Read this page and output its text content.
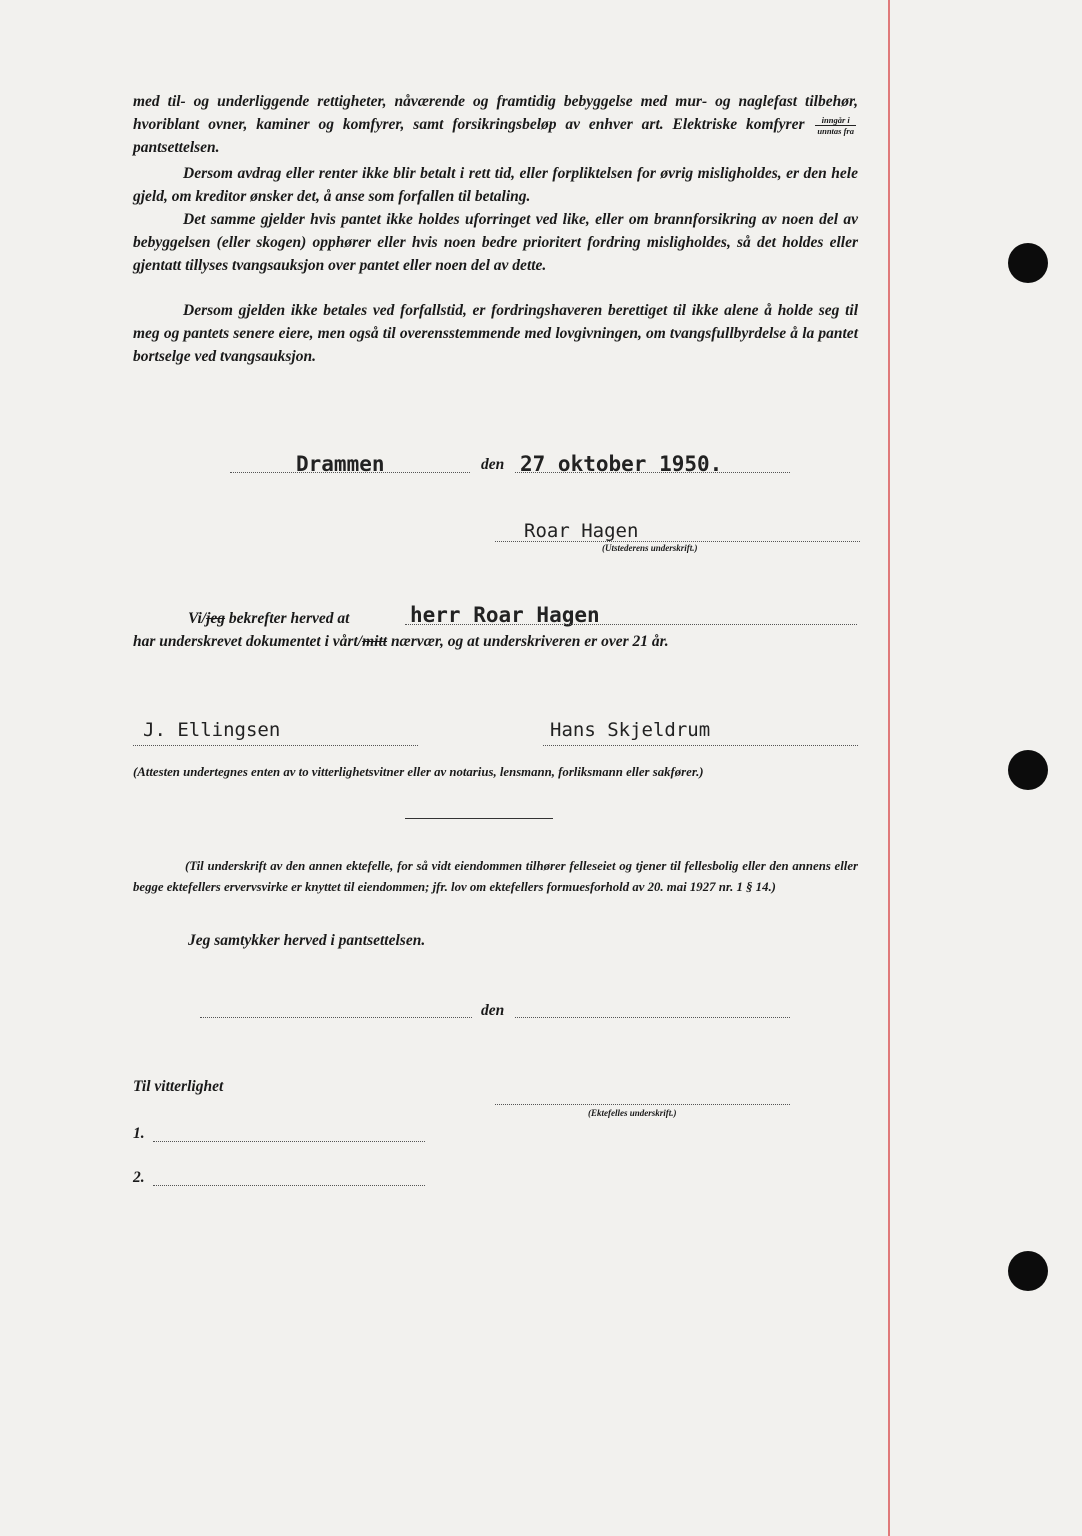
med til- og underliggende rettigheter, nåværende og framtidig bebyggelse med mur- og naglefast tilbehør, hvoriblant ovner, kaminer og komfyrer, samt forsikringsbeløp av enhver art. Elektriske komfyrer $\frac{\text{inngår i}}{\text{unntas fra}}$
pantsettelsen.
Dersom avdrag eller renter ikke blir betalt i rett tid, eller forpliktelsen for øvrig misligholdes, er den hele gjeld, om kreditor ønsker det, å anse som forfallen til betaling.
Det samme gjelder hvis pantet ikke holdes uforringet ved like, eller om brannforsikring av noen del av bebyggelsen (eller skogen) opphører eller hvis noen bedre prioritert fordring misligholdes, så det holdes eller gjentatt tillyses tvangsauksjon over pantet eller noen del av dette.
Dersom gjelden ikke betales ved forfallstid, er fordringshaveren berettiget til ikke alene å holde seg til meg og pantets senere eiere, men også til overensstemmende med lovgivningen, om tvangsfullbyrdelse å la pantet bortselge ved tvangsauksjon.
Drammen	den 27 oktober 1950.
Roar Hagen
(Utstederens underskrift.)
Vi/jeg bekrefter herved at	herr Roar Hagen
har underskrevet dokumentet i vårt/mitt nærvær, og at underskriveren er over 21 år.
J. Ellingsen	Hans Skjeldrum
(Attesten undertegnes enten av to vitterlighetsvitner eller av notarius, lensmann, forliksmann eller sakfører.)
(Til underskrift av den annen ektefelle, for så vidt eiendommen tilhører felleseiet og tjener til fellesbolig eller den annens eller begge ektefellers ervervsvirke er knyttet til eiendommen; jfr. lov om ektefellers formuesforhold av 20. mai 1927 nr. 1 § 14.)
Jeg samtykker herved i pantsettelsen.
den
Til vitterlighet
(Ektefelles underskrift.)
1.
2.
